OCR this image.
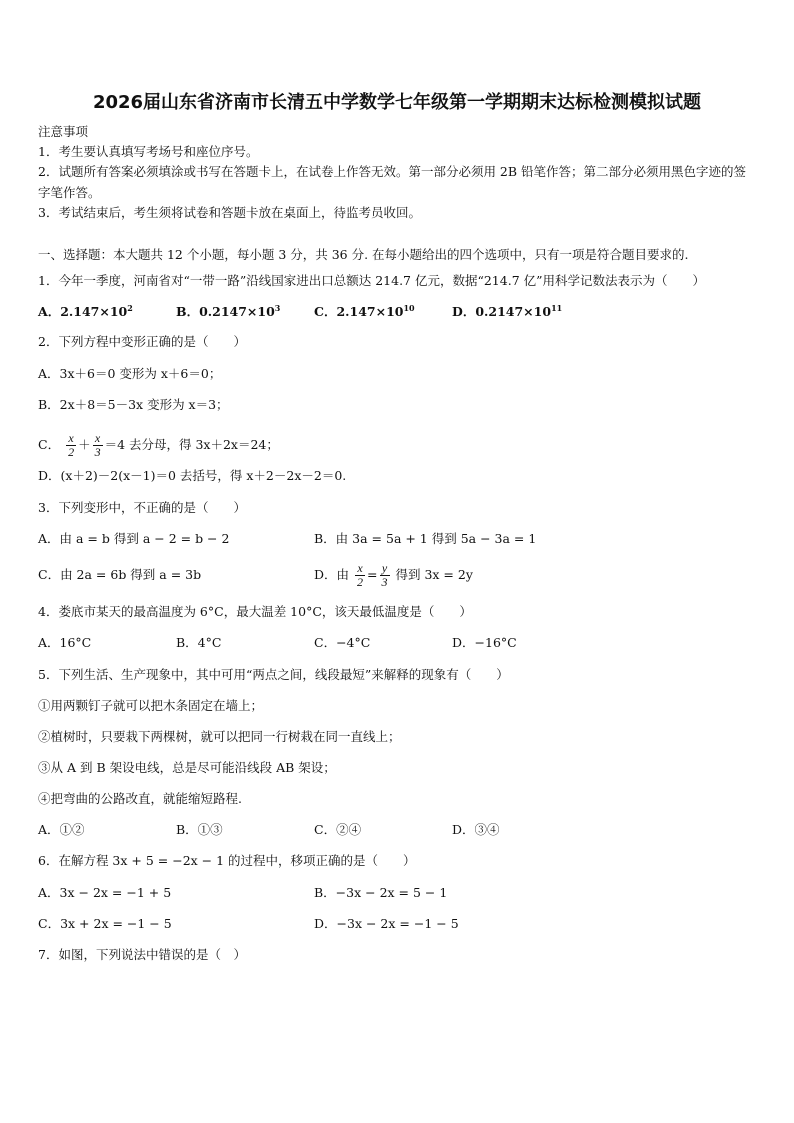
2026届山东省济南市长清五中学数学七年级第一学期期末达标检测模拟试题
注意事项
1．考生要认真填写考场号和座位序号。
2．试题所有答案必须填涂或书写在答题卡上，在试卷上作答无效。第一部分必须用 2B 铅笔作答；第二部分必须用黑色字迹的签字笔作答。
3．考试结束后，考生须将试卷和答题卡放在桌面上，待监考员收回。
一、选择题：本大题共 12 个小题，每小题 3 分，共 36 分. 在每小题给出的四个选项中，只有一项是符合题目要求的.
1．今年一季度，河南省对“一带一路”沿线国家进出口总额达 214.7 亿元，数据“214.7 亿”用科学记数法表示为（　　）
A．$2.147\times 10^2$	B．$0.2147\times 10^3$	C．$2.147\times 10^{10}$	D．$0.2147\times 10^{11}$
2．下列方程中变形正确的是（　　）
A．3x＋6＝0 变形为 x＋6＝0；
B．2x＋8＝5－3x 变形为 x＝3；
C． $\frac{x}{2} + \frac{x}{3} =4$ 去分母，得 3x＋2x＝24；
D．(x＋2)－2(x－1)＝0 去括号，得 x＋2－2x－2＝0.
3．下列变形中，不正确的是（　　）
A．由 a = b 得到 a − 2 = b − 2	B．由 3a = 5a + 1 得到 5a − 3a = 1
C．由 2a = 6b 得到 a = 3b	D．由 $\frac{x}{2} = \frac{y}{3}$ 得到 3x = 2y
4．娄底市某天的最高温度为 6°C，最大温差 10°C，该天最低温度是（　　）
A．16°C	B．4°C	C．−4°C	D．−16°C
5．下列生活、生产现象中，其中可用“两点之间，线段最短”来解释的现象有（　　）
①用两颗钉子就可以把木条固定在墙上；
②植树时，只要栽下两棵树，就可以把同一行树栽在同一直线上；
③从 A 到 B 架设电线，总是尽可能沿线段 AB 架设；
④把弯曲的公路改直，就能缩短路程.
A．①②	B．①③	C．②④	D．③④
6．在解方程 3x + 5 = −2x − 1 的过程中，移项正确的是（　　）
A．3x − 2x = −1 + 5	B．−3x − 2x = 5 − 1
C．3x + 2x = −1 − 5	D．−3x − 2x = −1 − 5
7．如图，下列说法中错误的是（　）
